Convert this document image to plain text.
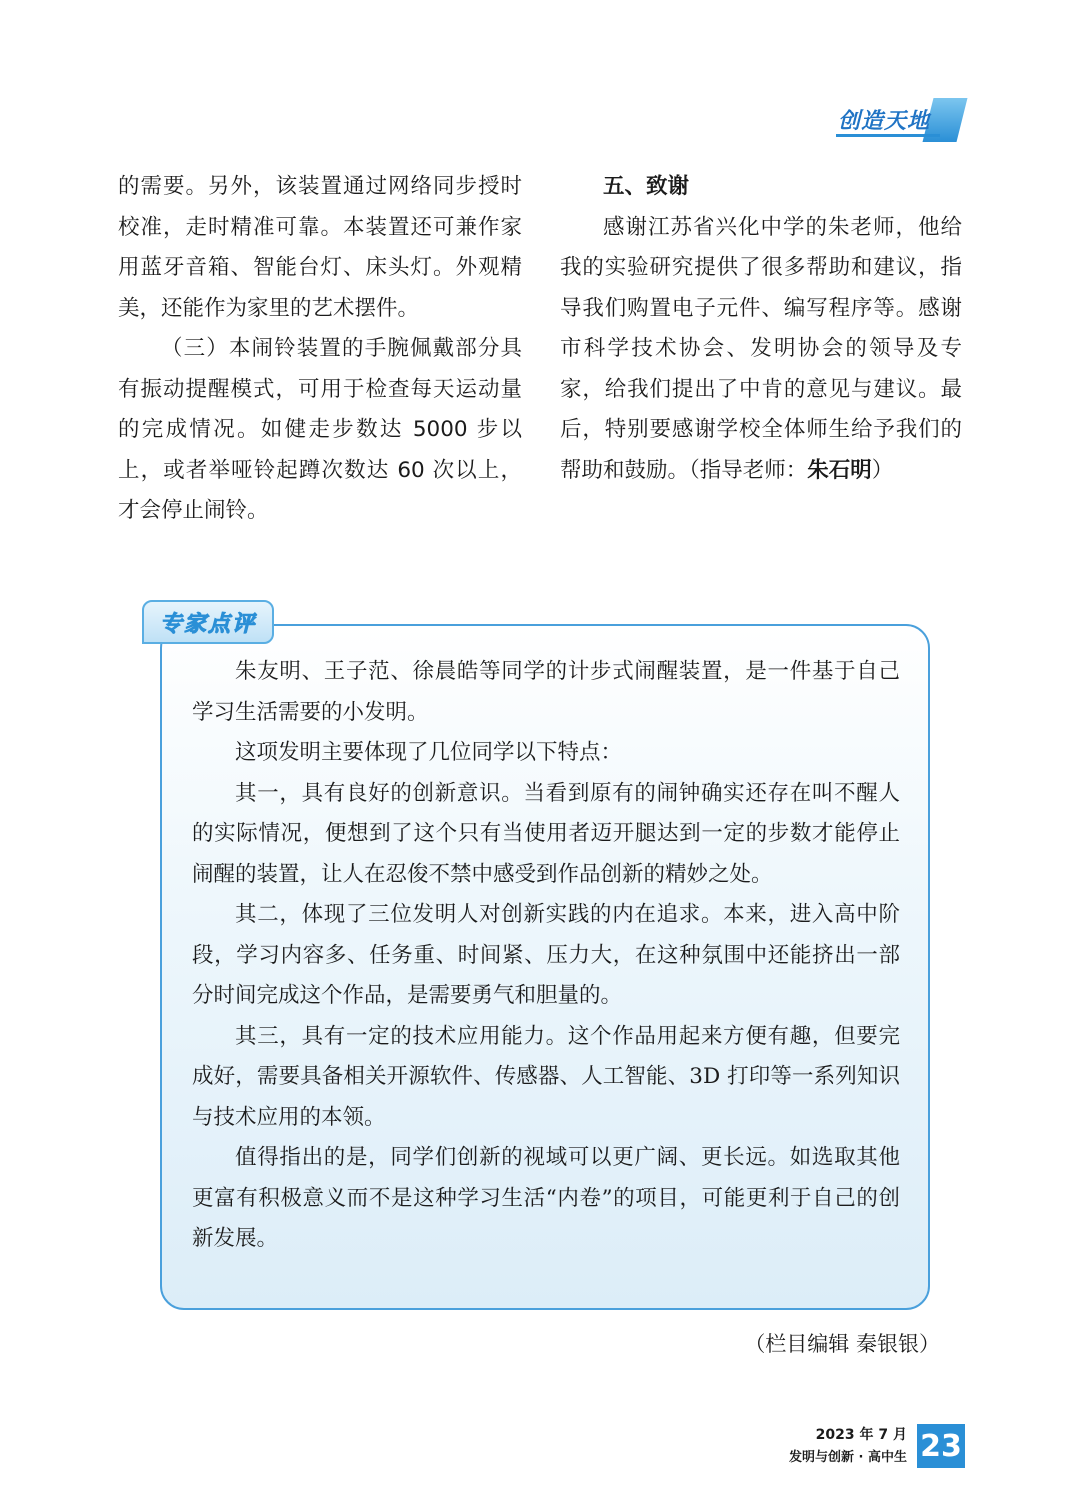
创造天地

的需要。另外，该装置通过网络同步授时校准，走时精准可靠。本装置还可兼作家用蓝牙音箱、智能台灯、床头灯。外观精美，还能作为家里的艺术摆件。

（三）本闹铃装置的手腕佩戴部分具有振动提醒模式，可用于检查每天运动量的完成情况。如健走步数达 5000 步以上，或者举哑铃起蹲次数达 60 次以上，才会停止闹铃。

五、致谢

感谢江苏省兴化中学的朱老师，他给我的实验研究提供了很多帮助和建议，指导我们购置电子元件、编写程序等。感谢市科学技术协会、发明协会的领导及专家，给我们提出了中肯的意见与建议。最后，特别要感谢学校全体师生给予我们的帮助和鼓励。（指导老师：朱石明）

专家点评

朱友明、王子范、徐晨皓等同学的计步式闹醒装置，是一件基于自己学习生活需要的小发明。

这项发明主要体现了几位同学以下特点：

其一，具有良好的创新意识。当看到原有的闹钟确实还存在叫不醒人的实际情况，便想到了这个只有当使用者迈开腿达到一定的步数才能停止闹醒的装置，让人在忍俊不禁中感受到作品创新的精妙之处。

其二，体现了三位发明人对创新实践的内在追求。本来，进入高中阶段，学习内容多、任务重、时间紧、压力大，在这种氛围中还能挤出一部分时间完成这个作品，是需要勇气和胆量的。

其三，具有一定的技术应用能力。这个作品用起来方便有趣，但要完成好，需要具备相关开源软件、传感器、人工智能、3D 打印等一系列知识与技术应用的本领。

值得指出的是，同学们创新的视域可以更广阔、更长远。如选取其他更富有积极意义而不是这种学习生活“内卷”的项目，可能更利于自己的创新发展。

（栏目编辑 秦银银）
2023 年 7 月
发明与创新 · 高中生 23
